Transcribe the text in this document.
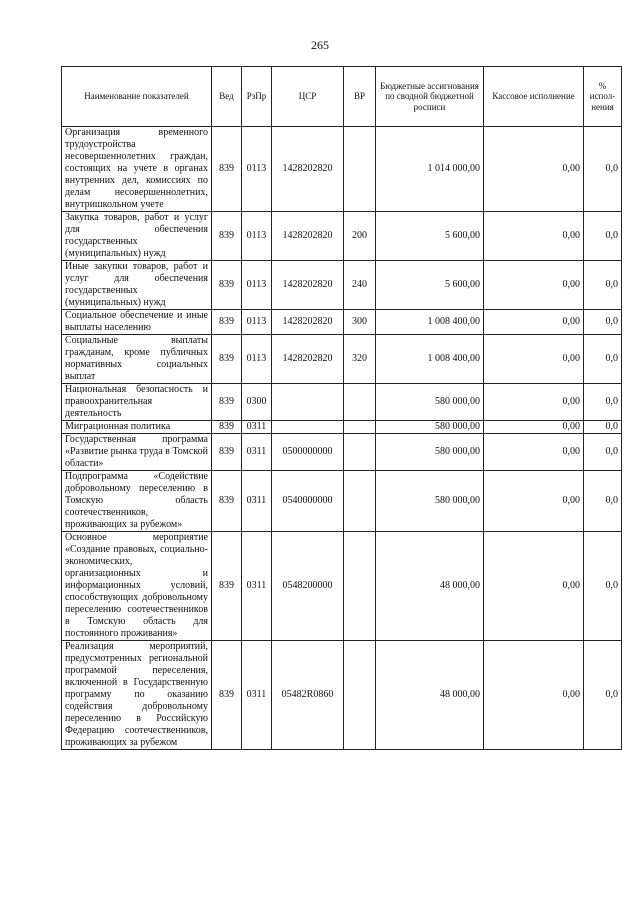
265
Наименование показателей	Вед	РзПр	ЦСР	ВР	Бюджетные ассигнования по сводной бюджетной росписи	Кассовое исполнение	% испол-нения
Организация временного трудоустройства несовершеннолетних граждан, состоящих на учете в органах внутренних дел, комиссиях по делам несовершеннолетних, внутришкольном учете	839	0113	1428202820		1 014 000,00	0,00	0,0
Закупка товаров, работ и услуг для обеспечения государственных (муниципальных) нужд	839	0113	1428202820	200	5 600,00	0,00	0,0
Иные закупки товаров, работ и услуг для обеспечения государственных (муниципальных) нужд	839	0113	1428202820	240	5 600,00	0,00	0,0
Социальное обеспечение и иные выплаты населению	839	0113	1428202820	300	1 008 400,00	0,00	0,0
Социальные выплаты гражданам, кроме публичных нормативных социальных выплат	839	0113	1428202820	320	1 008 400,00	0,00	0,0
Национальная безопасность и правоохранительная деятельность	839	0300			580 000,00	0,00	0,0
Миграционная политика	839	0311			580 000,00	0,00	0,0
Государственная программа «Развитие рынка труда в Томской области»	839	0311	0500000000		580 000,00	0,00	0,0
Подпрограмма «Содействие добровольному переселению в Томскую область соотечественников, проживающих за рубежом»	839	0311	0540000000		580 000,00	0,00	0,0
Основное мероприятие «Создание правовых, социально-экономических, организационных и информационных условий, способствующих добровольному переселению соотечественников в Томскую область для постоянного проживания»	839	0311	0548200000		48 000,00	0,00	0,0
Реализация мероприятий, предусмотренных региональной программой переселения, включенной в Государственную программу по оказанию содействия добровольному переселению в Российскую Федерацию соотечественников, проживающих за рубежом	839	0311	05482R0860		48 000,00	0,00	0,0
